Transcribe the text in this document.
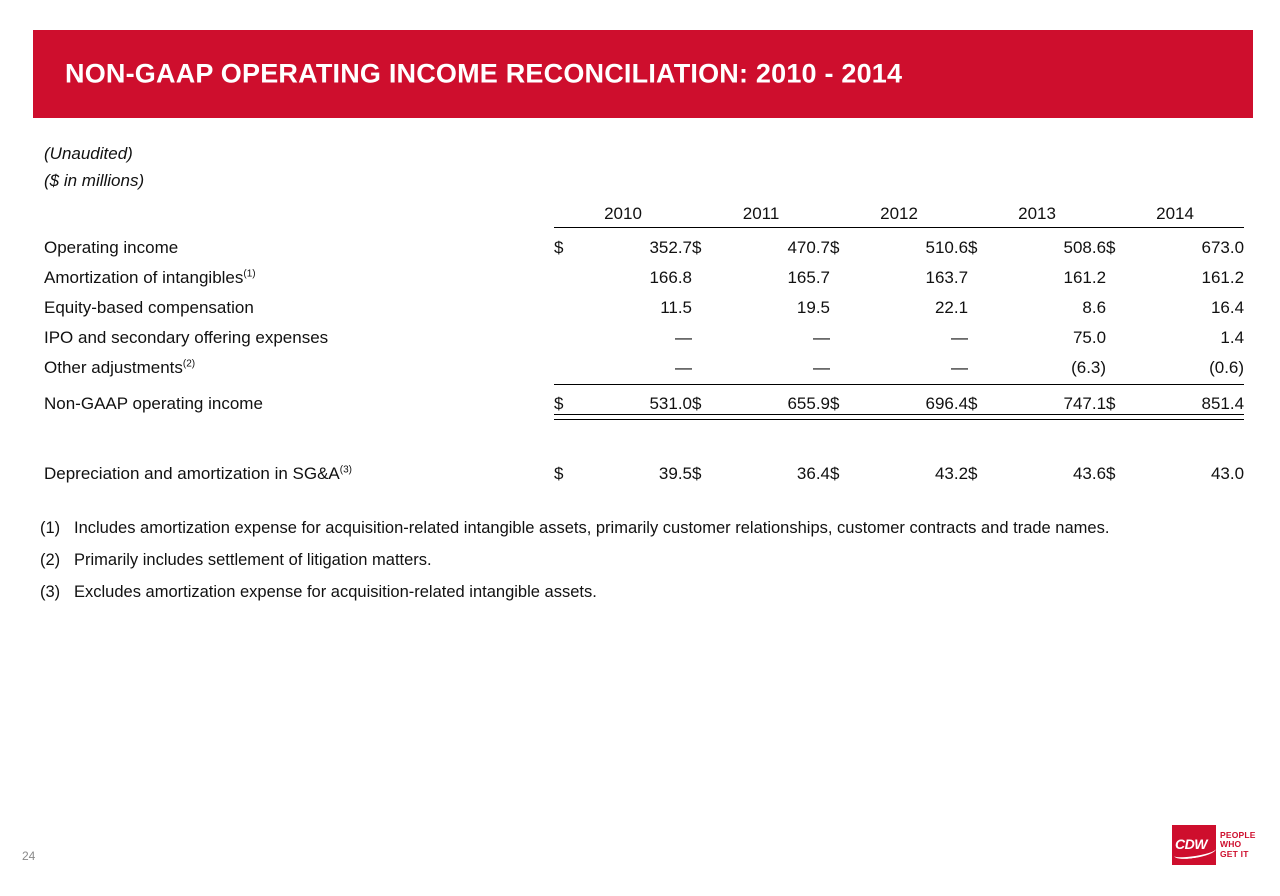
NON-GAAP OPERATING INCOME RECONCILIATION: 2010 - 2014
(Unaudited)
($ in millions)
	2010		2011		2012		2013		2014	

Operating income	$	352.7	$	470.7	$	510.6	$	508.6	$	673.0
Amortization of intangibles$^{(1)}$		166.8		165.7		163.7		161.2		161.2
Equity-based compensation		11.5		19.5		22.1		8.6		16.4
IPO and secondary offering expenses		—		—		—		75.0		1.4
Other adjustments$^{(2)}$		—		—		—		(6.3)		(0.6)

Non-GAAP operating income	$	531.0	$	655.9	$	696.4	$	747.1	$	851.4

Depreciation and amortization in $SG\&A^{(3)}$	$	39.5	$	36.4	$	43.2	$	43.6	$	43.0
(1) Includes amortization expense for acquisition-related intangible assets, primarily customer relationships, customer contracts and trade names.
(2) Primarily includes settlement of litigation matters.
(3) Excludes amortization expense for acquisition-related intangible assets.
24
CDW
PEOPLE
WHO
GET IT
